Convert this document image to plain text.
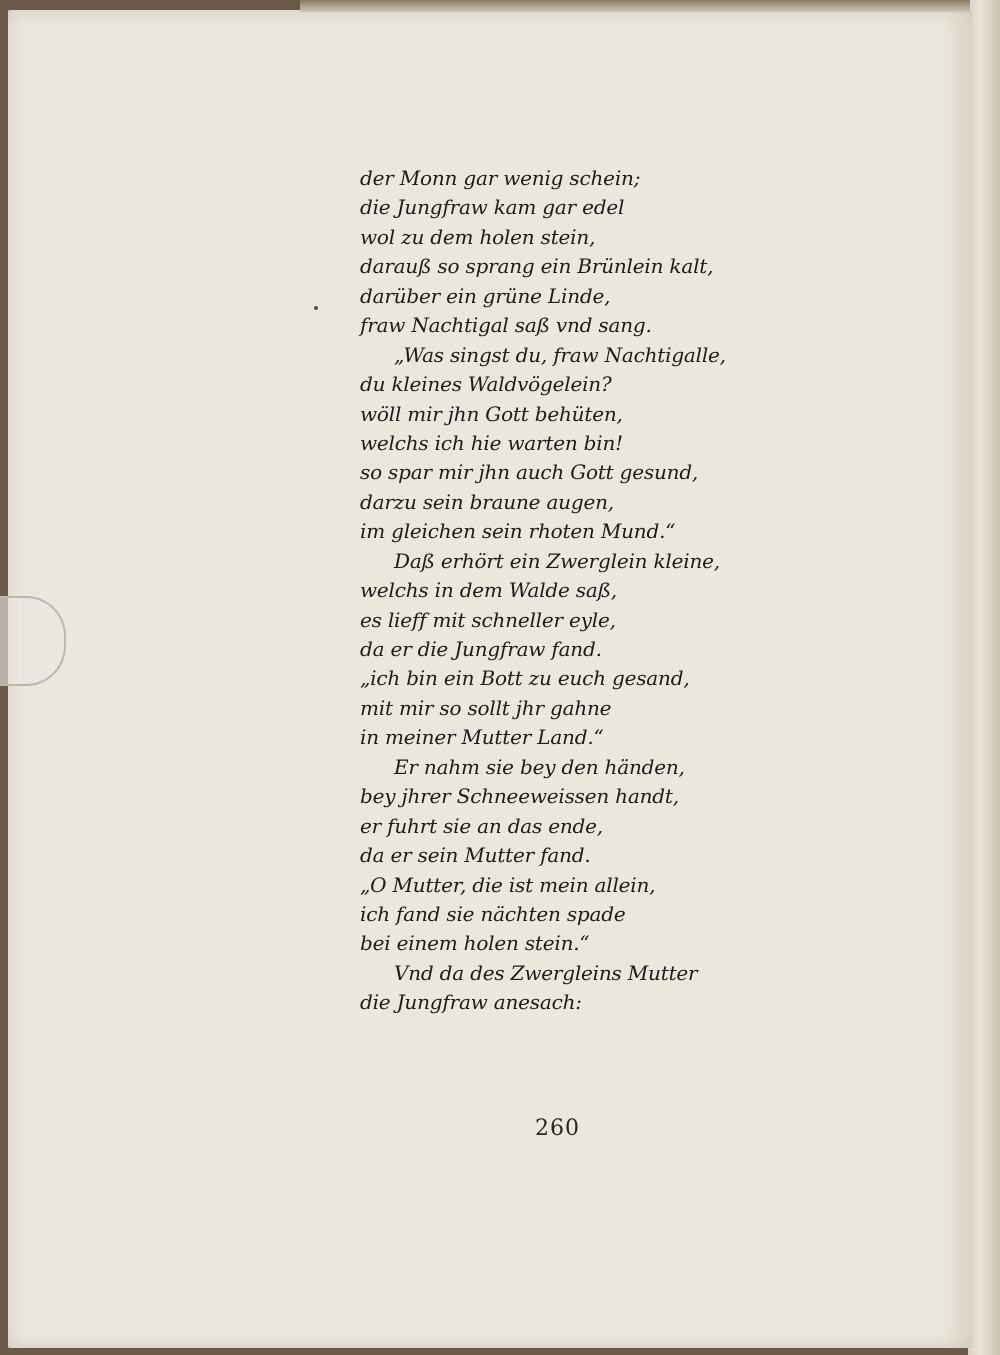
der Monn gar wenig schein;
die Jungfraw kam gar edel
wol zu dem holen stein,
darauß so sprang ein Brünlein kalt,
darüber ein grüne Linde,
fraw Nachtigal saß vnd sang.
„Was singst du, fraw Nachtigalle,
du kleines Waldvögelein?
wöll mir jhn Gott behüten,
welchs ich hie warten bin!
so spar mir jhn auch Gott gesund,
darzu sein braune augen,
im gleichen sein rhoten Mund.“
Daß erhört ein Zwerglein kleine,
welchs in dem Walde saß,
es lieff mit schneller eyle,
da er die Jungfraw fand.
„ich bin ein Bott zu euch gesand,
mit mir so sollt jhr gahne
in meiner Mutter Land.“
Er nahm sie bey den händen,
bey jhrer Schneeweissen handt,
er fuhrt sie an das ende,
da er sein Mutter fand.
„O Mutter, die ist mein allein,
ich fand sie nächten spade
bei einem holen stein.“
Vnd da des Zwergleins Mutter
die Jungfraw anesach:
260
